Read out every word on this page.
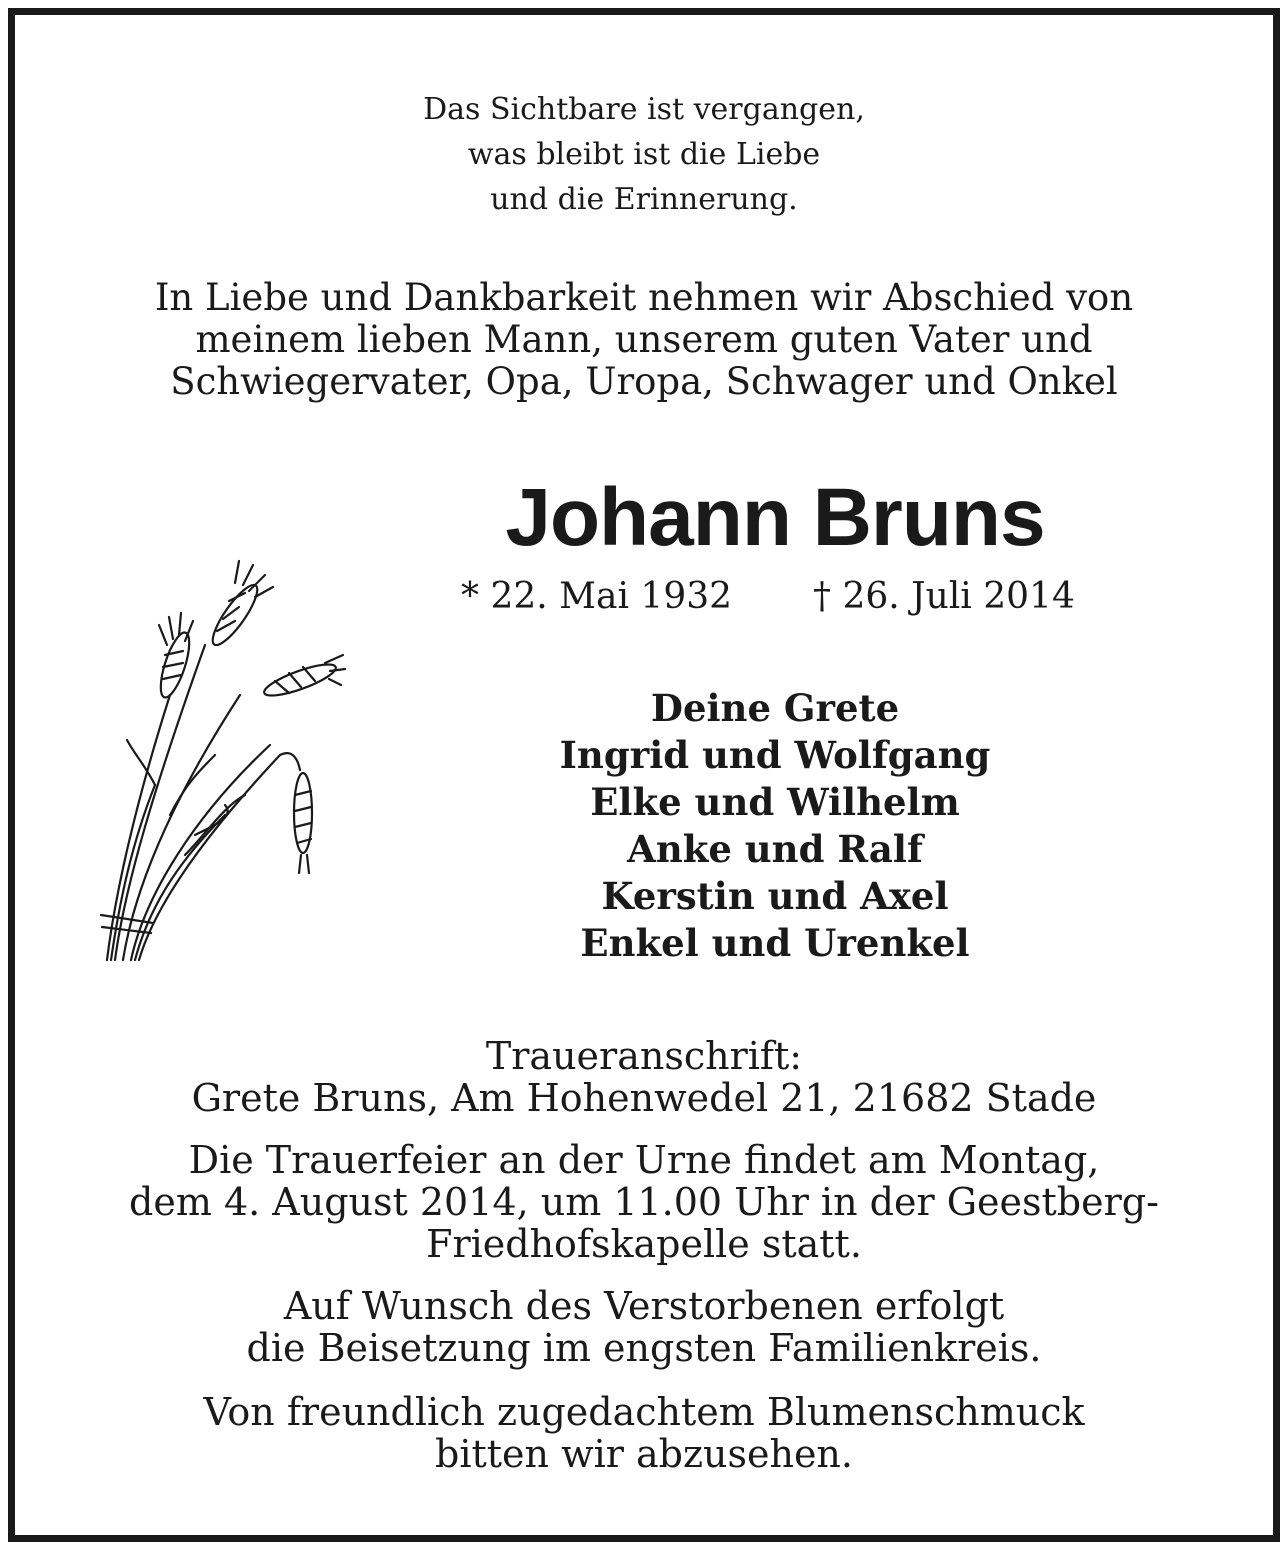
Das Sichtbare ist vergangen,
was bleibt ist die Liebe
und die Erinnerung.
In Liebe und Dankbarkeit nehmen wir Abschied von
meinem lieben Mann, unserem guten Vater und
Schwiegervater, Opa, Uropa, Schwager und Onkel
Johann Bruns
* 22. Mai 1932 † 26. Juli 2014
Deine Grete
Ingrid und Wolfgang
Elke und Wilhelm
Anke und Ralf
Kerstin und Axel
Enkel und Urenkel
Traueranschrift:
Grete Bruns, Am Hohenwedel 21, 21682 Stade
Die Trauerfeier an der Urne findet am Montag,
dem 4. August 2014, um 11.00 Uhr in der Geestberg-
Friedhofskapelle statt.
Auf Wunsch des Verstorbenen erfolgt
die Beisetzung im engsten Familienkreis.
Von freundlich zugedachtem Blumenschmuck
bitten wir abzusehen.
